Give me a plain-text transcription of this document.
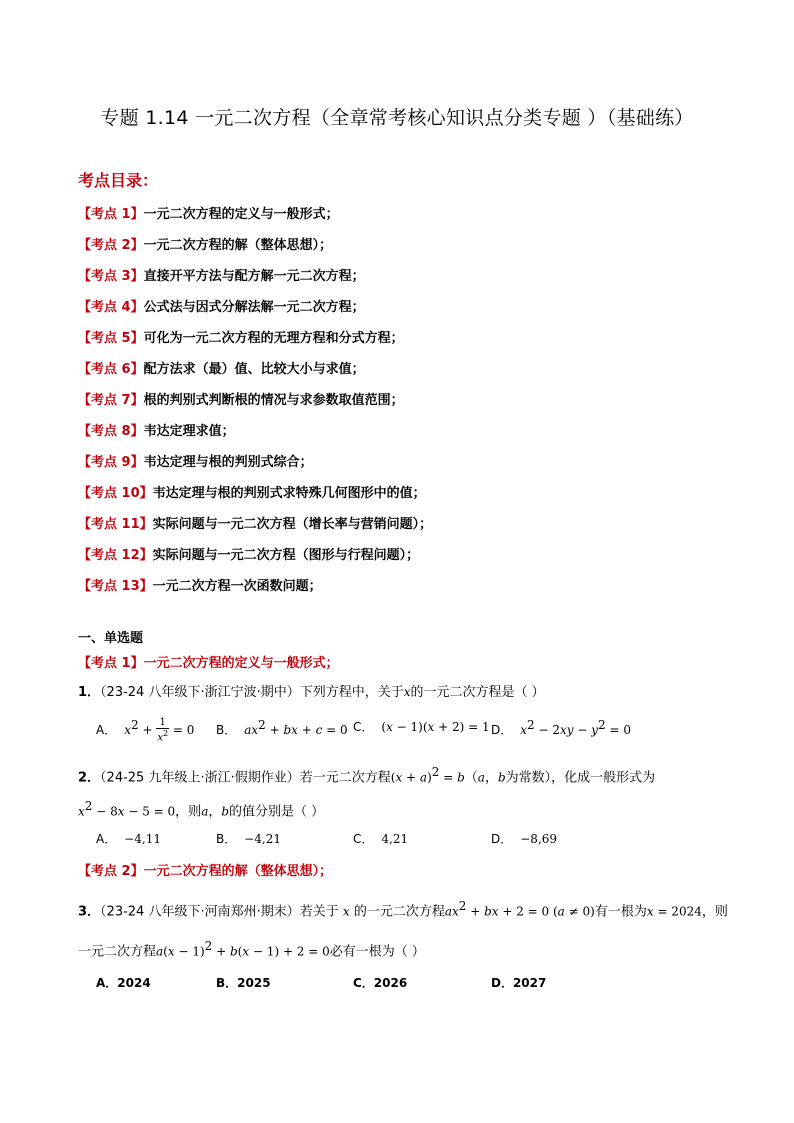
专题 1.14 一元二次方程（全章常考核心知识点分类专题 ）（基础练）
考点目录：
【考点 1】一元二次方程的定义与一般形式；
【考点 2】一元二次方程的解（整体思想）；
【考点 3】直接开平方法与配方解一元二次方程；
【考点 4】公式法与因式分解法解一元二次方程；
【考点 5】可化为一元二次方程的无理方程和分式方程；
【考点 6】配方法求（最）值、比较大小与求值；
【考点 7】根的判别式判断根的情况与求参数取值范围；
【考点 8】韦达定理求值；
【考点 9】韦达定理与根的判别式综合；
【考点 10】韦达定理与根的判别式求特殊几何图形中的值；
【考点 11】实际问题与一元二次方程（增长率与营销问题）；
【考点 12】实际问题与一元二次方程（图形与行程问题）；
【考点 13】一元二次方程一次函数问题；
一、单选题
【考点 1】一元二次方程的定义与一般形式；
1．（23-24 八年级下·浙江宁波·期中）下列方程中，关于x的一元二次方程是（ ）
A． $x^2 + \frac{1}{x^2} = 0$ B． $ax^2$ + bx + c = 0 C． (x − 1)(x + 2) = 1 D． $x^2 - 2xy - y^2 = 0$
2．（24-25 九年级上·浙江·假期作业）若一元二次方程$(x + a)^2 = b(a$，b为常数），化成一般形式为
$x^2 - 8x - 5 = 0$，则a，b的值分别是（ ）
A． −4,11	B． −4,21	C． 4,21	D． −8,69
【考点 2】一元二次方程的解（整体思想）；
3．（23-24 八年级下·河南郑州·期末）若关于 x 的一元二次方程$ax^2$ + bx + 2 = 0 (a ≠ 0)有一根为x = 2024，则
一元二次方程$a(x - 1)^2 + b(x - 1) + 2 = 0$必有一根为（ ）
A．2024	B．2025	C．2026	D．2027
